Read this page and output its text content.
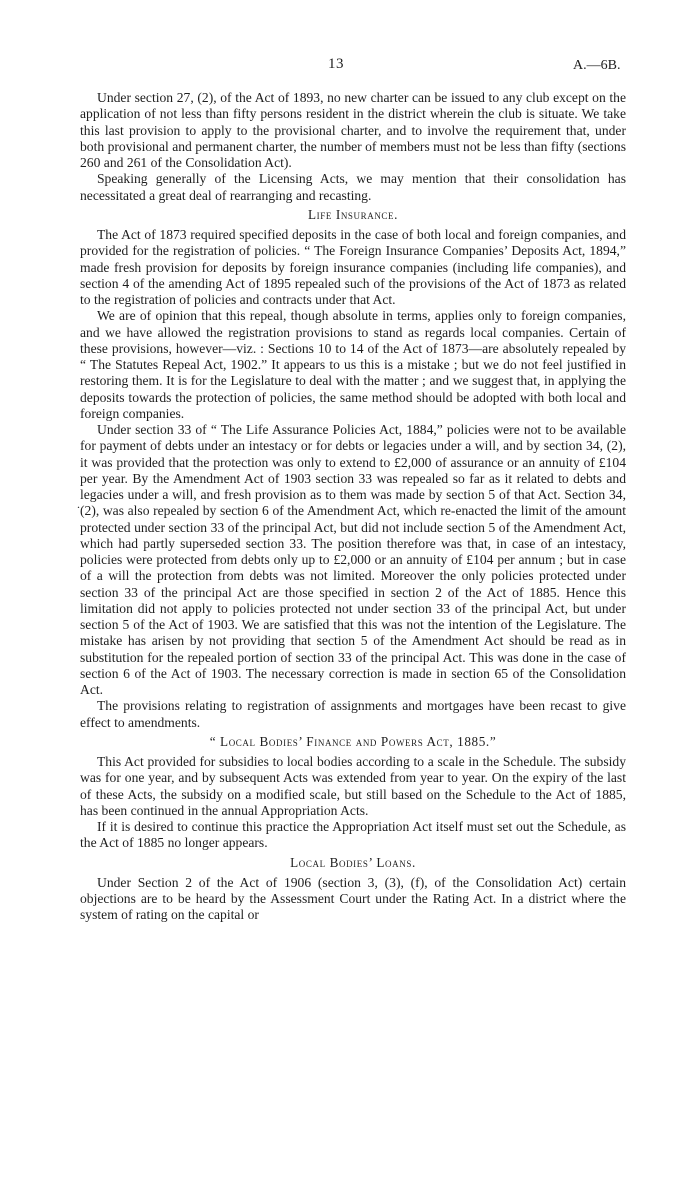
13	A.—6B.
.

Under section 27, (2), of the Act of 1893, no new charter can be issued to any club except on the application of not less than fifty persons resident in the district wherein the club is situate. We take this last provision to apply to the provisional charter, and to involve the requirement that, under both provisional and permanent charter, the number of members must not be less than fifty (sections 260 and 261 of the Consolidation Act).

Speaking generally of the Licensing Acts, we may mention that their consolidation has necessitated a great deal of rearranging and recasting.

Life Insurance.

The Act of 1873 required specified deposits in the case of both local and foreign companies, and provided for the registration of policies. “ The Foreign Insurance Companies’ Deposits Act, 1894,” made fresh provision for deposits by foreign insurance companies (including life companies), and section 4 of the amending Act of 1895 repealed such of the provisions of the Act of 1873 as related to the registration of policies and contracts under that Act.

We are of opinion that this repeal, though absolute in terms, applies only to foreign companies, and we have allowed the registration provisions to stand as regards local companies. Certain of these provisions, however—viz. : Sections 10 to 14 of the Act of 1873—are absolutely repealed by “ The Statutes Repeal Act, 1902.” It appears to us this is a mistake ; but we do not feel justified in restoring them. It is for the Legislature to deal with the matter ; and we suggest that, in applying the deposits towards the protection of policies, the same method should be adopted with both local and foreign companies.

Under section 33 of “ The Life Assurance Policies Act, 1884,” policies were not to be available for payment of debts under an intestacy or for debts or legacies under a will, and by section 34, (2), it was provided that the protection was only to extend to £2,000 of assurance or an annuity of £104 per year. By the Amendment Act of 1903 section 33 was repealed so far as it related to debts and legacies under a will, and fresh provision as to them was made by section 5 of that Act. Section 34, (2), was also repealed by section 6 of the Amendment Act, which re-enacted the limit of the amount protected under section 33 of the principal Act, but did not include section 5 of the Amendment Act, which had partly superseded section 33. The position therefore was that, in case of an intestacy, policies were protected from debts only up to £2,000 or an annuity of £104 per annum ; but in case of a will the protection from debts was not limited. Moreover the only policies protected under section 33 of the principal Act are those specified in section 2 of the Act of 1885. Hence this limitation did not apply to policies protected not under section 33 of the principal Act, but under section 5 of the Act of 1903. We are satisfied that this was not the intention of the Legislature. The mistake has arisen by not providing that section 5 of the Amendment Act should be read as in substitution for the repealed portion of section 33 of the principal Act. This was done in the case of section 6 of the Act of 1903. The necessary correction is made in section 65 of the Consolidation Act.

The provisions relating to registration of assignments and mortgages have been recast to give effect to amendments.

“ Local Bodies’ Finance and Powers Act, 1885.”

This Act provided for subsidies to local bodies according to a scale in the Schedule. The subsidy was for one year, and by subsequent Acts was extended from year to year. On the expiry of the last of these Acts, the subsidy on a modified scale, but still based on the Schedule to the Act of 1885, has been continued in the annual Appropriation Acts.

If it is desired to continue this practice the Appropriation Act itself must set out the Schedule, as the Act of 1885 no longer appears.

Local Bodies’ Loans.

Under Section 2 of the Act of 1906 (section 3, (3), (f), of the Consolidation Act) certain objections are to be heard by the Assessment Court under the Rating Act. In a district where the system of rating on the capital or
